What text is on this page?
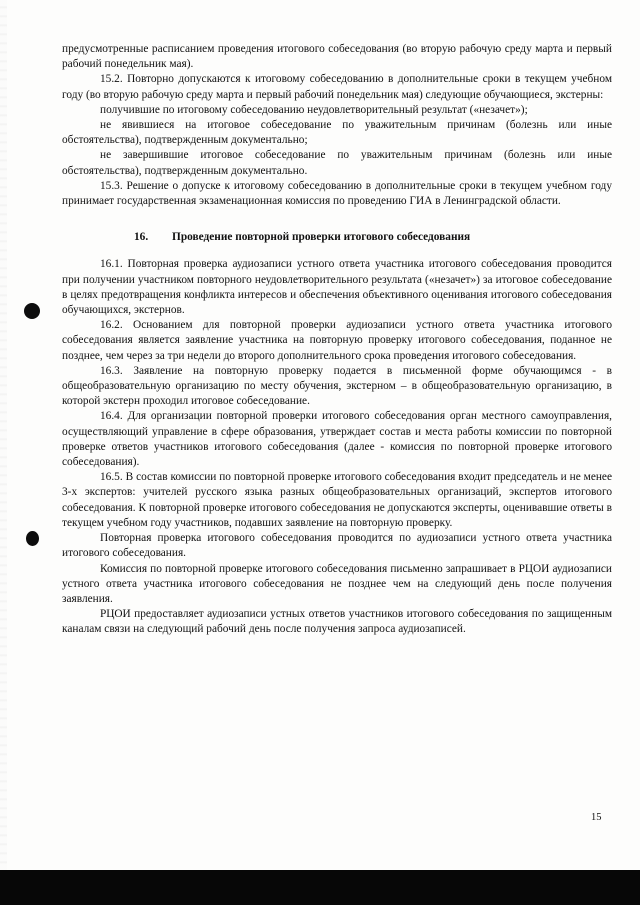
предусмотренные расписанием проведения итогового собеседования (во вторую рабочую среду марта и первый рабочий понедельник мая).

15.2. Повторно допускаются к итоговому собеседованию в дополнительные сроки в текущем учебном году (во вторую рабочую среду марта и первый рабочий понедельник мая) следующие обучающиеся, экстерны:

получившие по итоговому собеседованию неудовлетворительный результат («незачет»);

не явившиеся на итоговое собеседование по уважительным причинам (болезнь или иные обстоятельства), подтвержденным документально;

не завершившие итоговое собеседование по уважительным причинам (болезнь или иные обстоятельства), подтвержденным документально.

15.3. Решение о допуске к итоговому собеседованию в дополнительные сроки в текущем учебном году принимает государственная экзаменационная комиссия по проведению ГИА в Ленинградской области.

16. Проведение повторной проверки итогового собеседования

16.1. Повторная проверка аудиозаписи устного ответа участника итогового собеседования проводится при получении участником повторного неудовлетворительного результата («незачет») за итоговое собеседование в целях предотвращения конфликта интересов и обеспечения объективного оценивания итогового собеседования обучающихся, экстернов.

16.2. Основанием для повторной проверки аудиозаписи устного ответа участника итогового собеседования является заявление участника на повторную проверку итогового собеседования, поданное не позднее, чем через за три недели до второго дополнительного срока проведения итогового собеседования.

16.3. Заявление на повторную проверку подается в письменной форме обучающимся - в общеобразовательную организацию по месту обучения, экстерном – в общеобразовательную организацию, в которой экстерн проходил итоговое собеседование.

16.4. Для организации повторной проверки итогового собеседования орган местного самоуправления, осуществляющий управление в сфере образования, утверждает состав и места работы комиссии по повторной проверке ответов участников итогового собеседования (далее - комиссия по повторной проверке итогового собеседования).

16.5. В состав комиссии по повторной проверке итогового собеседования входит председатель и не менее 3-х экспертов: учителей русского языка разных общеобразовательных организаций, экспертов итогового собеседования. К повторной проверке итогового собеседования не допускаются эксперты, оценивавшие ответы в текущем учебном году участников, подавших заявление на повторную проверку.

Повторная проверка итогового собеседования проводится по аудиозаписи устного ответа участника итогового собеседования.

Комиссия по повторной проверке итогового собеседования письменно запрашивает в РЦОИ аудиозаписи устного ответа участника итогового собеседования не позднее чем на следующий день после получения заявления.

РЦОИ предоставляет аудиозаписи устных ответов участников итогового собеседования по защищенным каналам связи на следующий рабочий день после получения запроса аудиозаписей.

15
